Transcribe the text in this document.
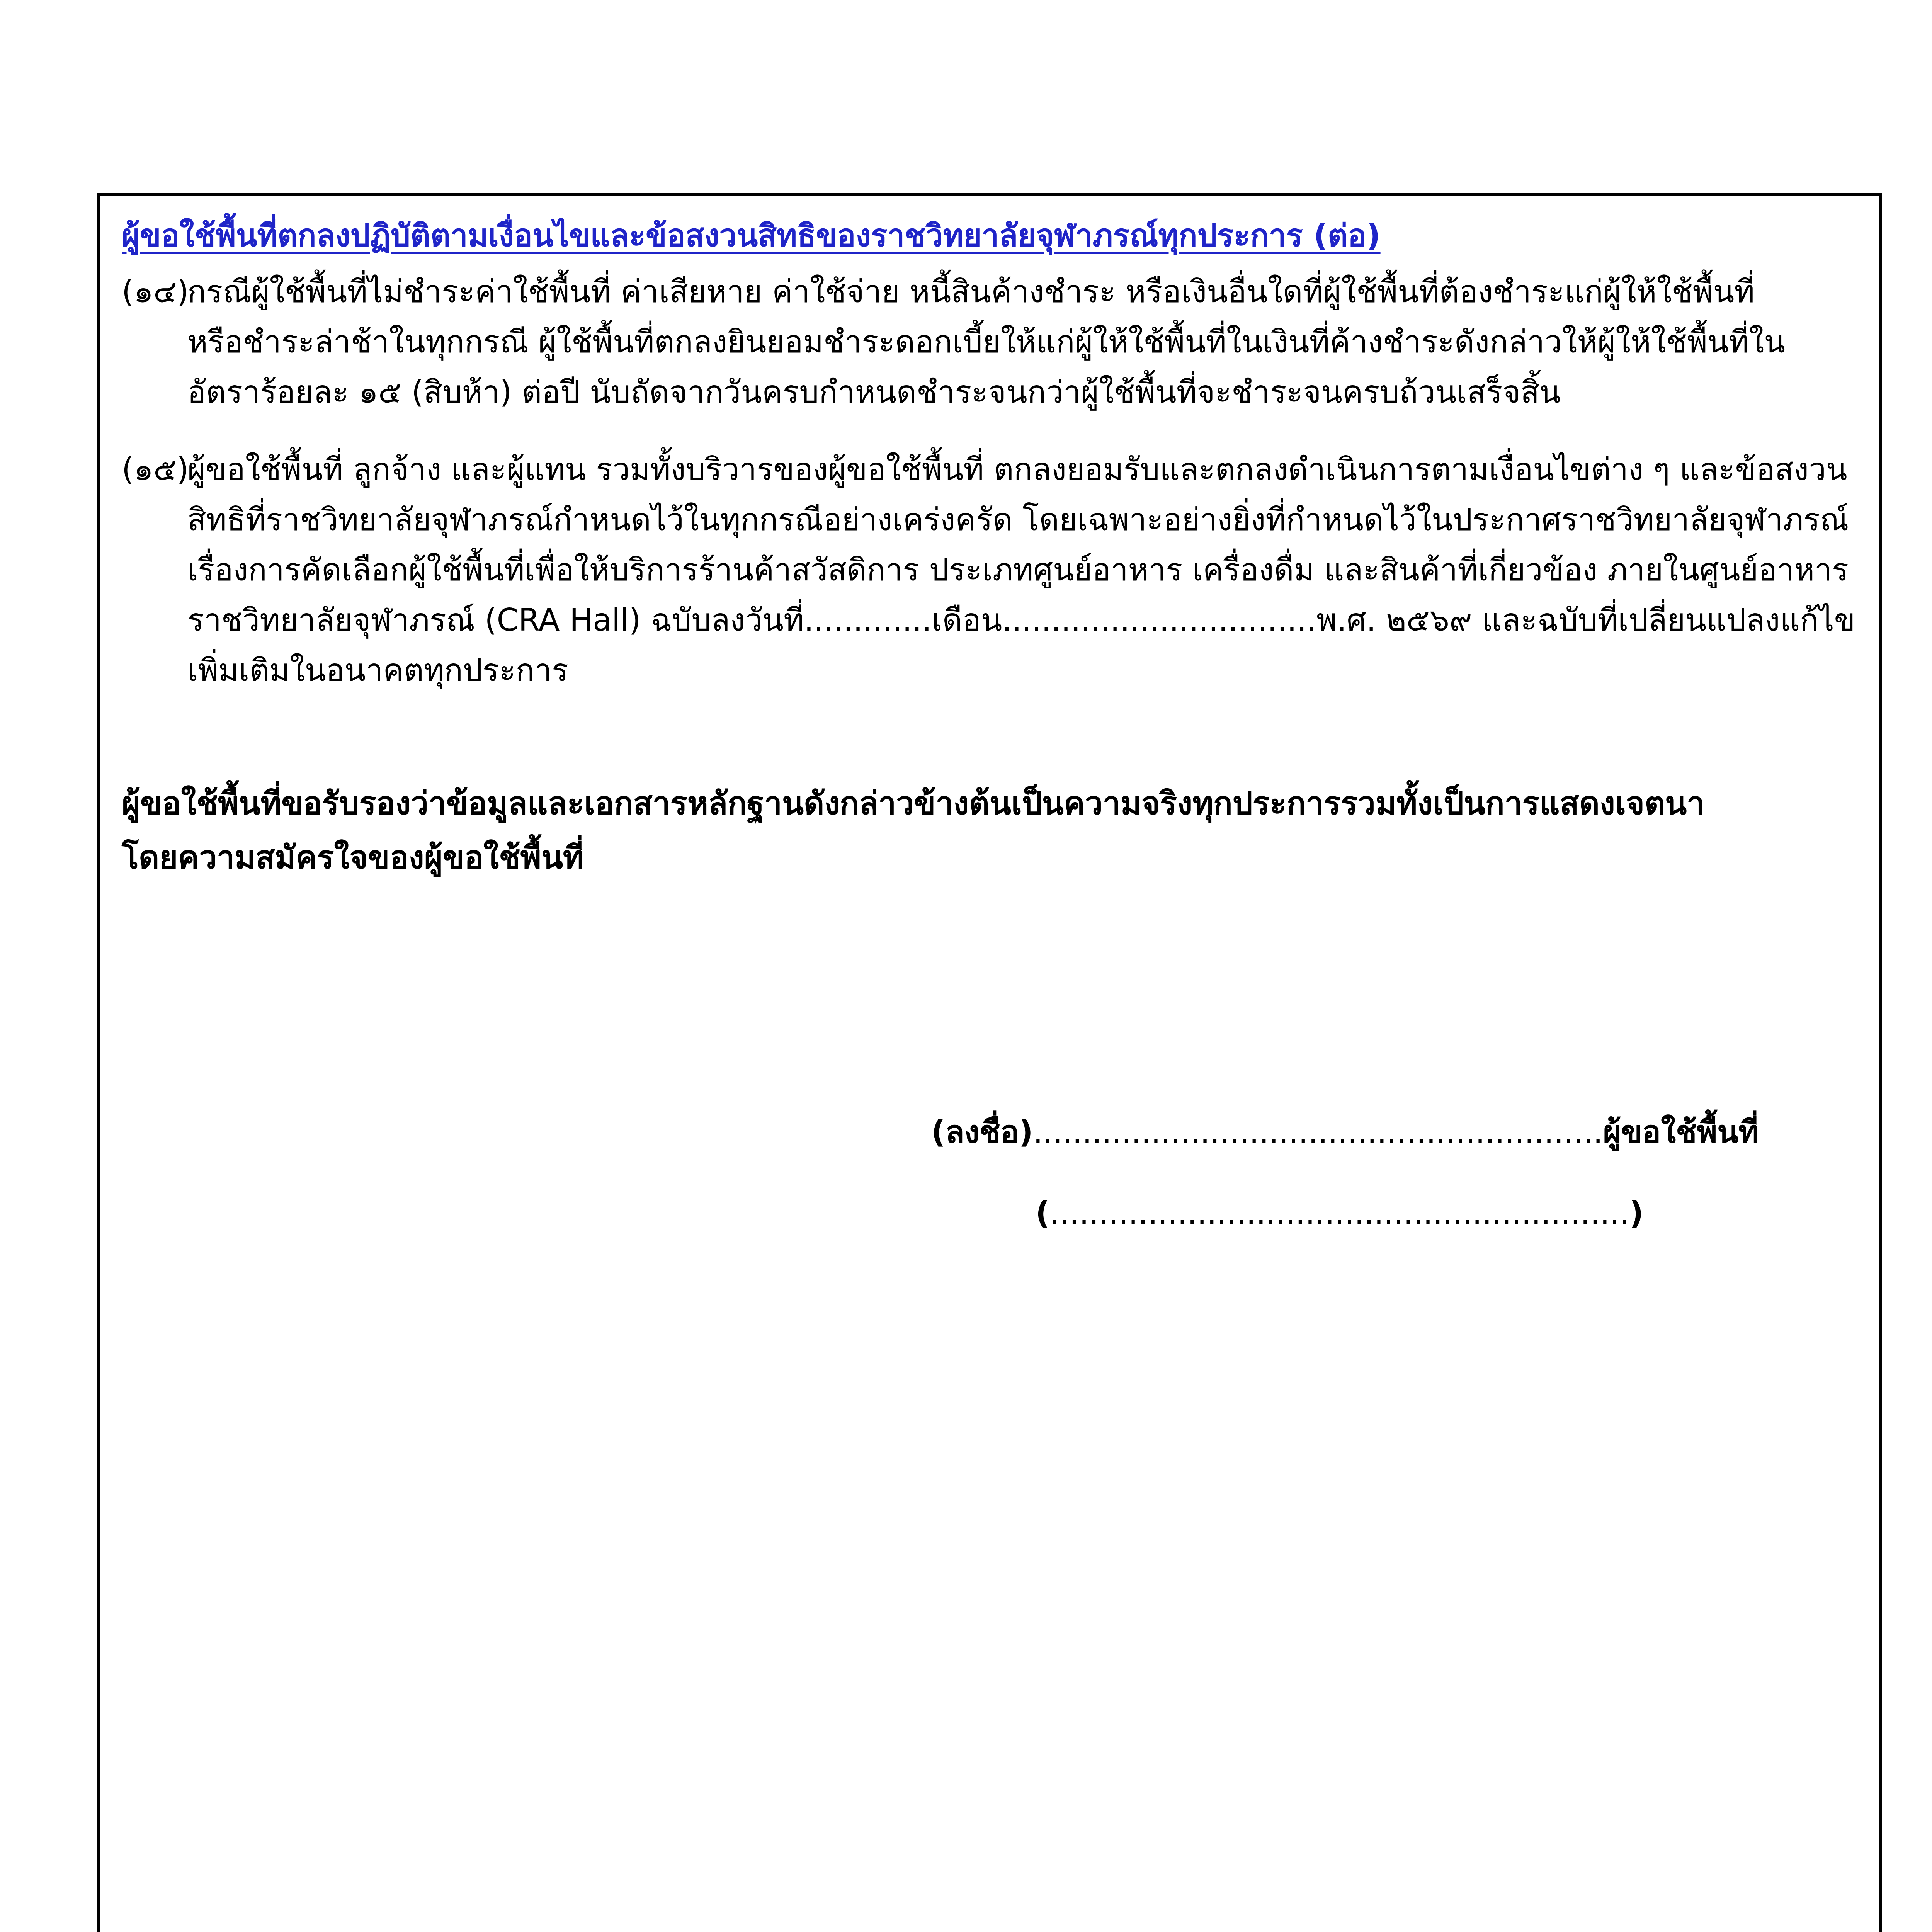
ผู้ขอใช้พื้นที่ตกลงปฏิบัติตามเงื่อนไขและข้อสงวนสิทธิของราชวิทยาลัยจุฬาภรณ์ทุกประการ (ต่อ)
(๑๔)กรณีผู้ใช้พื้นที่ไม่ชำระค่าใช้พื้นที่ ค่าเสียหาย ค่าใช้จ่าย หนี้สินค้างชำระ หรือเงินอื่นใดที่ผู้ใช้พื้นที่ต้องชำระแก่ผู้ให้ใช้พื้นที่
หรือชำระล่าช้าในทุกกรณี ผู้ใช้พื้นที่ตกลงยินยอมชำระดอกเบี้ยให้แก่ผู้ให้ใช้พื้นที่ในเงินที่ค้างชำระดังกล่าวให้ผู้ให้ใช้พื้นที่ใน
อัตราร้อยละ ๑๕ (สิบห้า) ต่อปี นับถัดจากวันครบกำหนดชำระจนกว่าผู้ใช้พื้นที่จะชำระจนครบถ้วนเสร็จสิ้น
(๑๕)ผู้ขอใช้พื้นที่ ลูกจ้าง และผู้แทน รวมทั้งบริวารของผู้ขอใช้พื้นที่ ตกลงยอมรับและตกลงดำเนินการตามเงื่อนไขต่าง ๆ และข้อสงวน
สิทธิที่ราชวิทยาลัยจุฬาภรณ์กำหนดไว้ในทุกกรณีอย่างเคร่งครัด โดยเฉพาะอย่างยิ่งที่กำหนดไว้ในประกาศราชวิทยาลัยจุฬาภรณ์
เรื่องการคัดเลือกผู้ใช้พื้นที่เพื่อให้บริการร้านค้าสวัสดิการ ประเภทศูนย์อาหาร เครื่องดื่ม และสินค้าที่เกี่ยวข้อง ภายในศูนย์อาหาร
ราชวิทยาลัยจุฬาภรณ์ (CRA Hall) ฉบับลงวันที่.............เดือน................................พ.ศ. ๒๕๖๙ และฉบับที่เปลี่ยนแปลงแก้ไข
เพิ่มเติมในอนาคตทุกประการ
ผู้ขอใช้พื้นที่ขอรับรองว่าข้อมูลและเอกสารหลักฐานดังกล่าวข้างต้นเป็นความจริงทุกประการรวมทั้งเป็นการแสดงเจตนา
โดยความสมัครใจของผู้ขอใช้พื้นที่
(ลงชื่อ)..........................................................ผู้ขอใช้พื้นที่
(...........................................................)
